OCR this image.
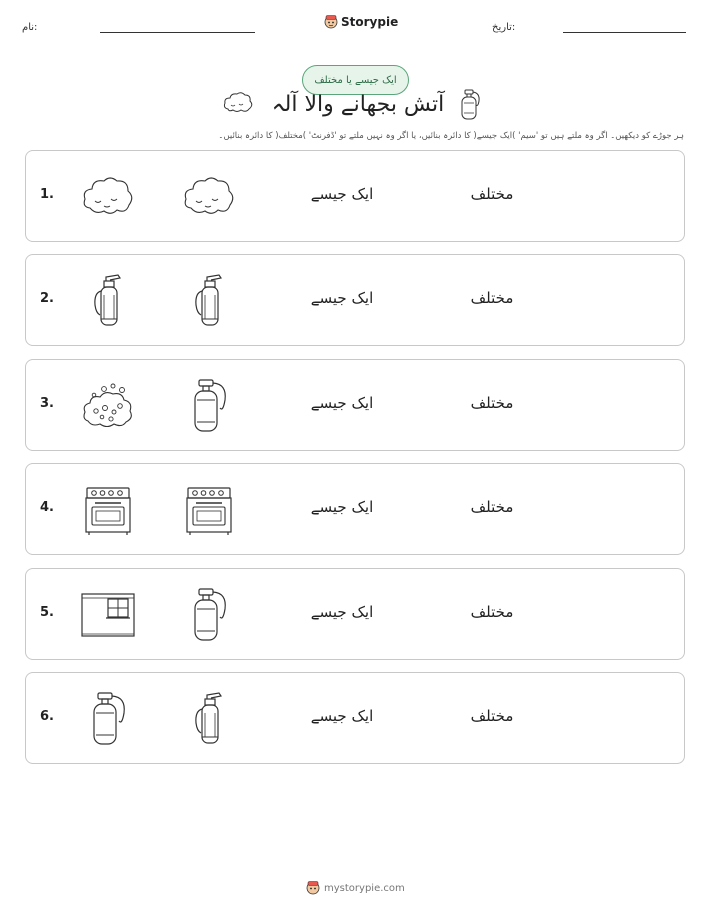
نام:	Storypie	تاریخ:
ایک جیسے یا مختلف
آتش بجھانے والا آلہ
ہر جوڑے کو دیکھیں۔ اگر وہ ملتے ہیں تو 'سیم' )ایک جیسے( کا دائرہ بنائیں، یا اگر وہ نہیں ملتے تو 'ڈفرنٹ' )مختلف( کا دائرہ بنائیں۔
1.	ایک جیسے	مختلف
2.	ایک جیسے	مختلف
3.	ایک جیسے	مختلف
4.	ایک جیسے	مختلف
5.	ایک جیسے	مختلف
6.	ایک جیسے	مختلف
mystorypie.com
